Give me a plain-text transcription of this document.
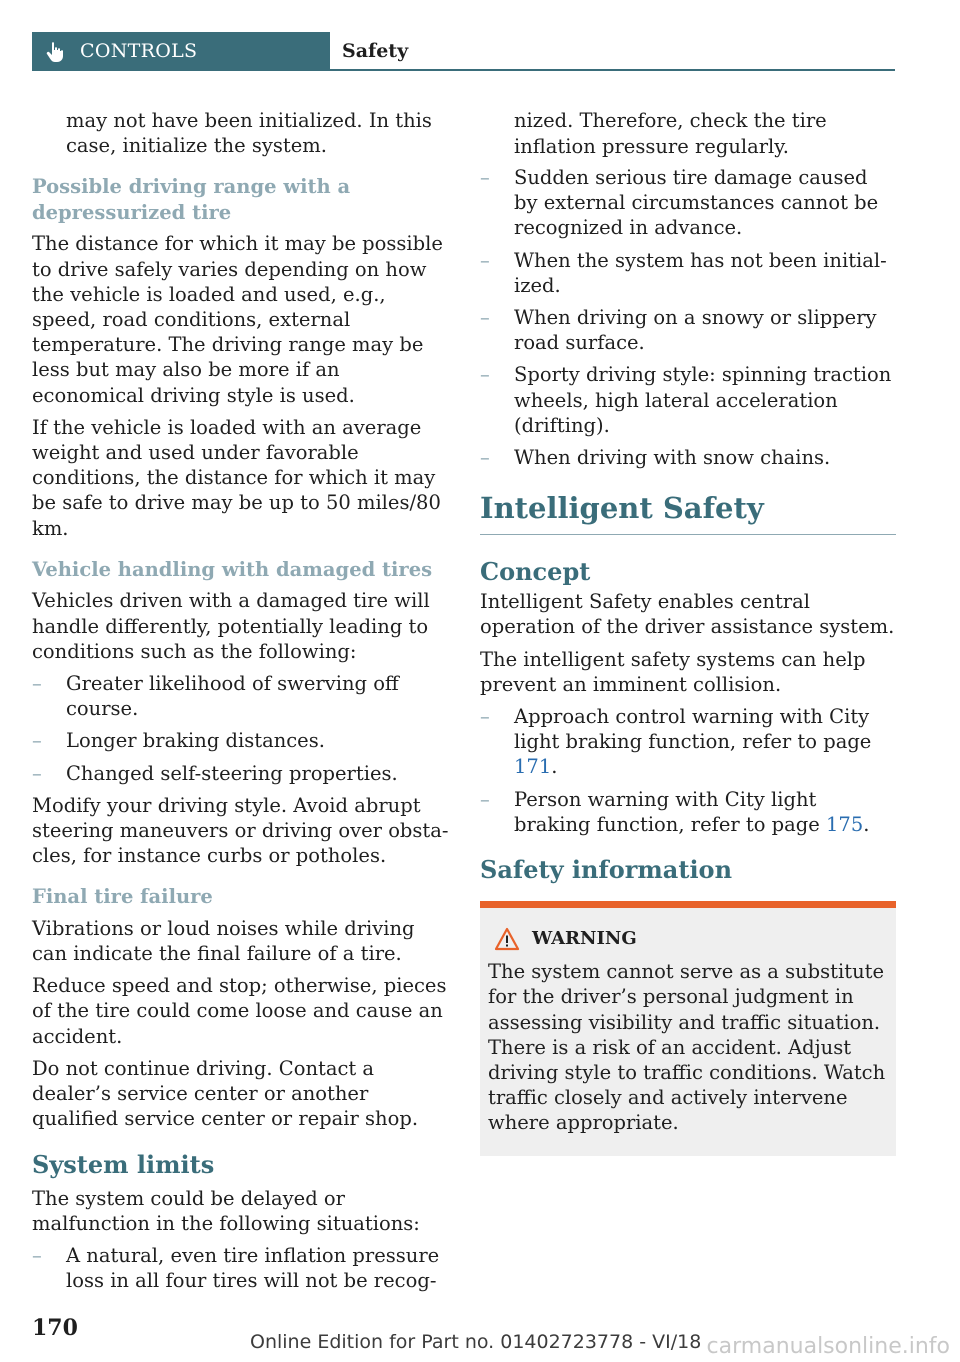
CONTROLS	Safety

may not have been initialized. In this case, initialize the system.

Possible driving range with a depressurized tire

The distance for which it may be possible to drive safely varies depending on how the vehicle is loaded and used, e.g., speed, road conditions, external temperature. The driving range may be less but may also be more if an economical driving style is used.

If the vehicle is loaded with an average weight and used under favorable conditions, the distance for which it may be safe to drive may be up to 50 miles/80 km.

Vehicle handling with damaged tires

Vehicles driven with a damaged tire will handle differently, potentially leading to conditions such as the following:

– Greater likelihood of swerving off course.
– Longer braking distances.
– Changed self-steering properties.

Modify your driving style. Avoid abrupt steering maneuvers or driving over obstacles, for instance curbs or potholes.

Final tire failure

Vibrations or loud noises while driving can indicate the final failure of a tire.

Reduce speed and stop; otherwise, pieces of the tire could come loose and cause an accident.

Do not continue driving. Contact a dealer’s service center or another qualified service center or repair shop.

System limits

The system could be delayed or malfunction in the following situations:

– A natural, even tire inflation pressure loss in all four tires will not be recog
ized. Therefore, check the tire inflation pressure regularly.
– Sudden serious tire damage caused by external circumstances cannot be recognized in advance.
– When the system has not been initialized.
– When driving on a snowy or slippery road surface.
– Sporty driving style: spinning traction wheels, high lateral acceleration (drifting).
– When driving with snow chains.
Intelligent Safety
Concept

Intelligent Safety enables central operation of the driver assistance system.

The intelligent safety systems can help prevent an imminent collision.

– Approach control warning with City light braking function, refer to page 171.
– Person warning with City light braking function, refer to page 175.
Safety information
WARNING

The system cannot serve as a substitute for the driver’s personal judgment in assessing visibility and traffic situation. There is a risk of an accident. Adjust driving style to traffic conditions. Watch traffic closely and actively intervene where appropriate.

170
Online Edition for Part no. 01402723778 - VI/18 carmanualsonline.info
